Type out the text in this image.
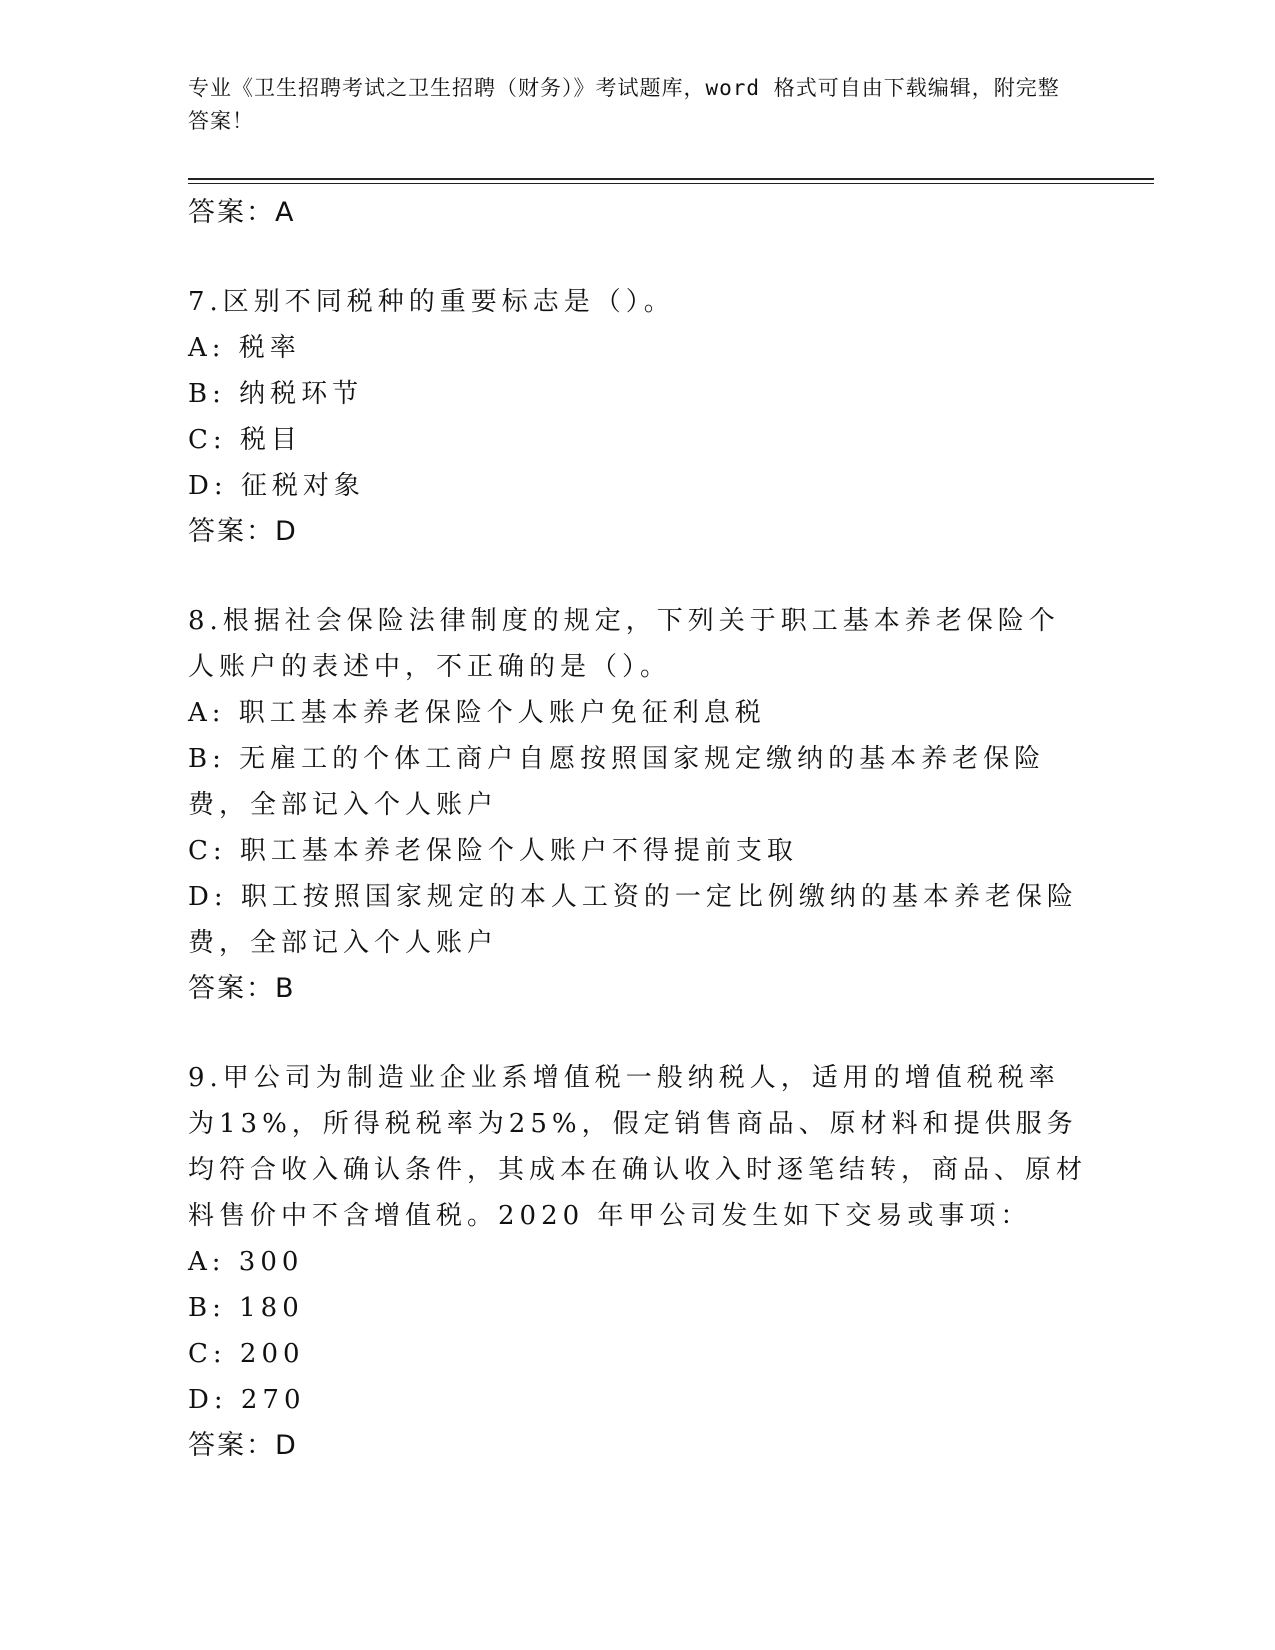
专业《卫生招聘考试之卫生招聘（财务）》考试题库，word 格式可自由下载编辑，附完整答案！

答案：A

7.区别不同税种的重要标志是（）。

A: 税率

B: 纳税环节

C: 税目

D: 征税对象

答案：D

8.根据社会保险法律制度的规定，下列关于职工基本养老保险个人账户的表述中，不正确的是（）。

A: 职工基本养老保险个人账户免征利息税

B: 无雇工的个体工商户自愿按照国家规定缴纳的基本养老保险费，全部记入个人账户

C: 职工基本养老保险个人账户不得提前支取

D: 职工按照国家规定的本人工资的一定比例缴纳的基本养老保险费，全部记入个人账户

答案：B

9.甲公司为制造业企业系增值税一般纳税人，适用的增值税税率为13%，所得税税率为25%，假定销售商品、原材料和提供服务均符合收入确认条件，其成本在确认收入时逐笔结转，商品、原材料售价中不含增值税。2020 年甲公司发生如下交易或事项：

A: 300

B: 180

C: 200

D: 270

答案：D
